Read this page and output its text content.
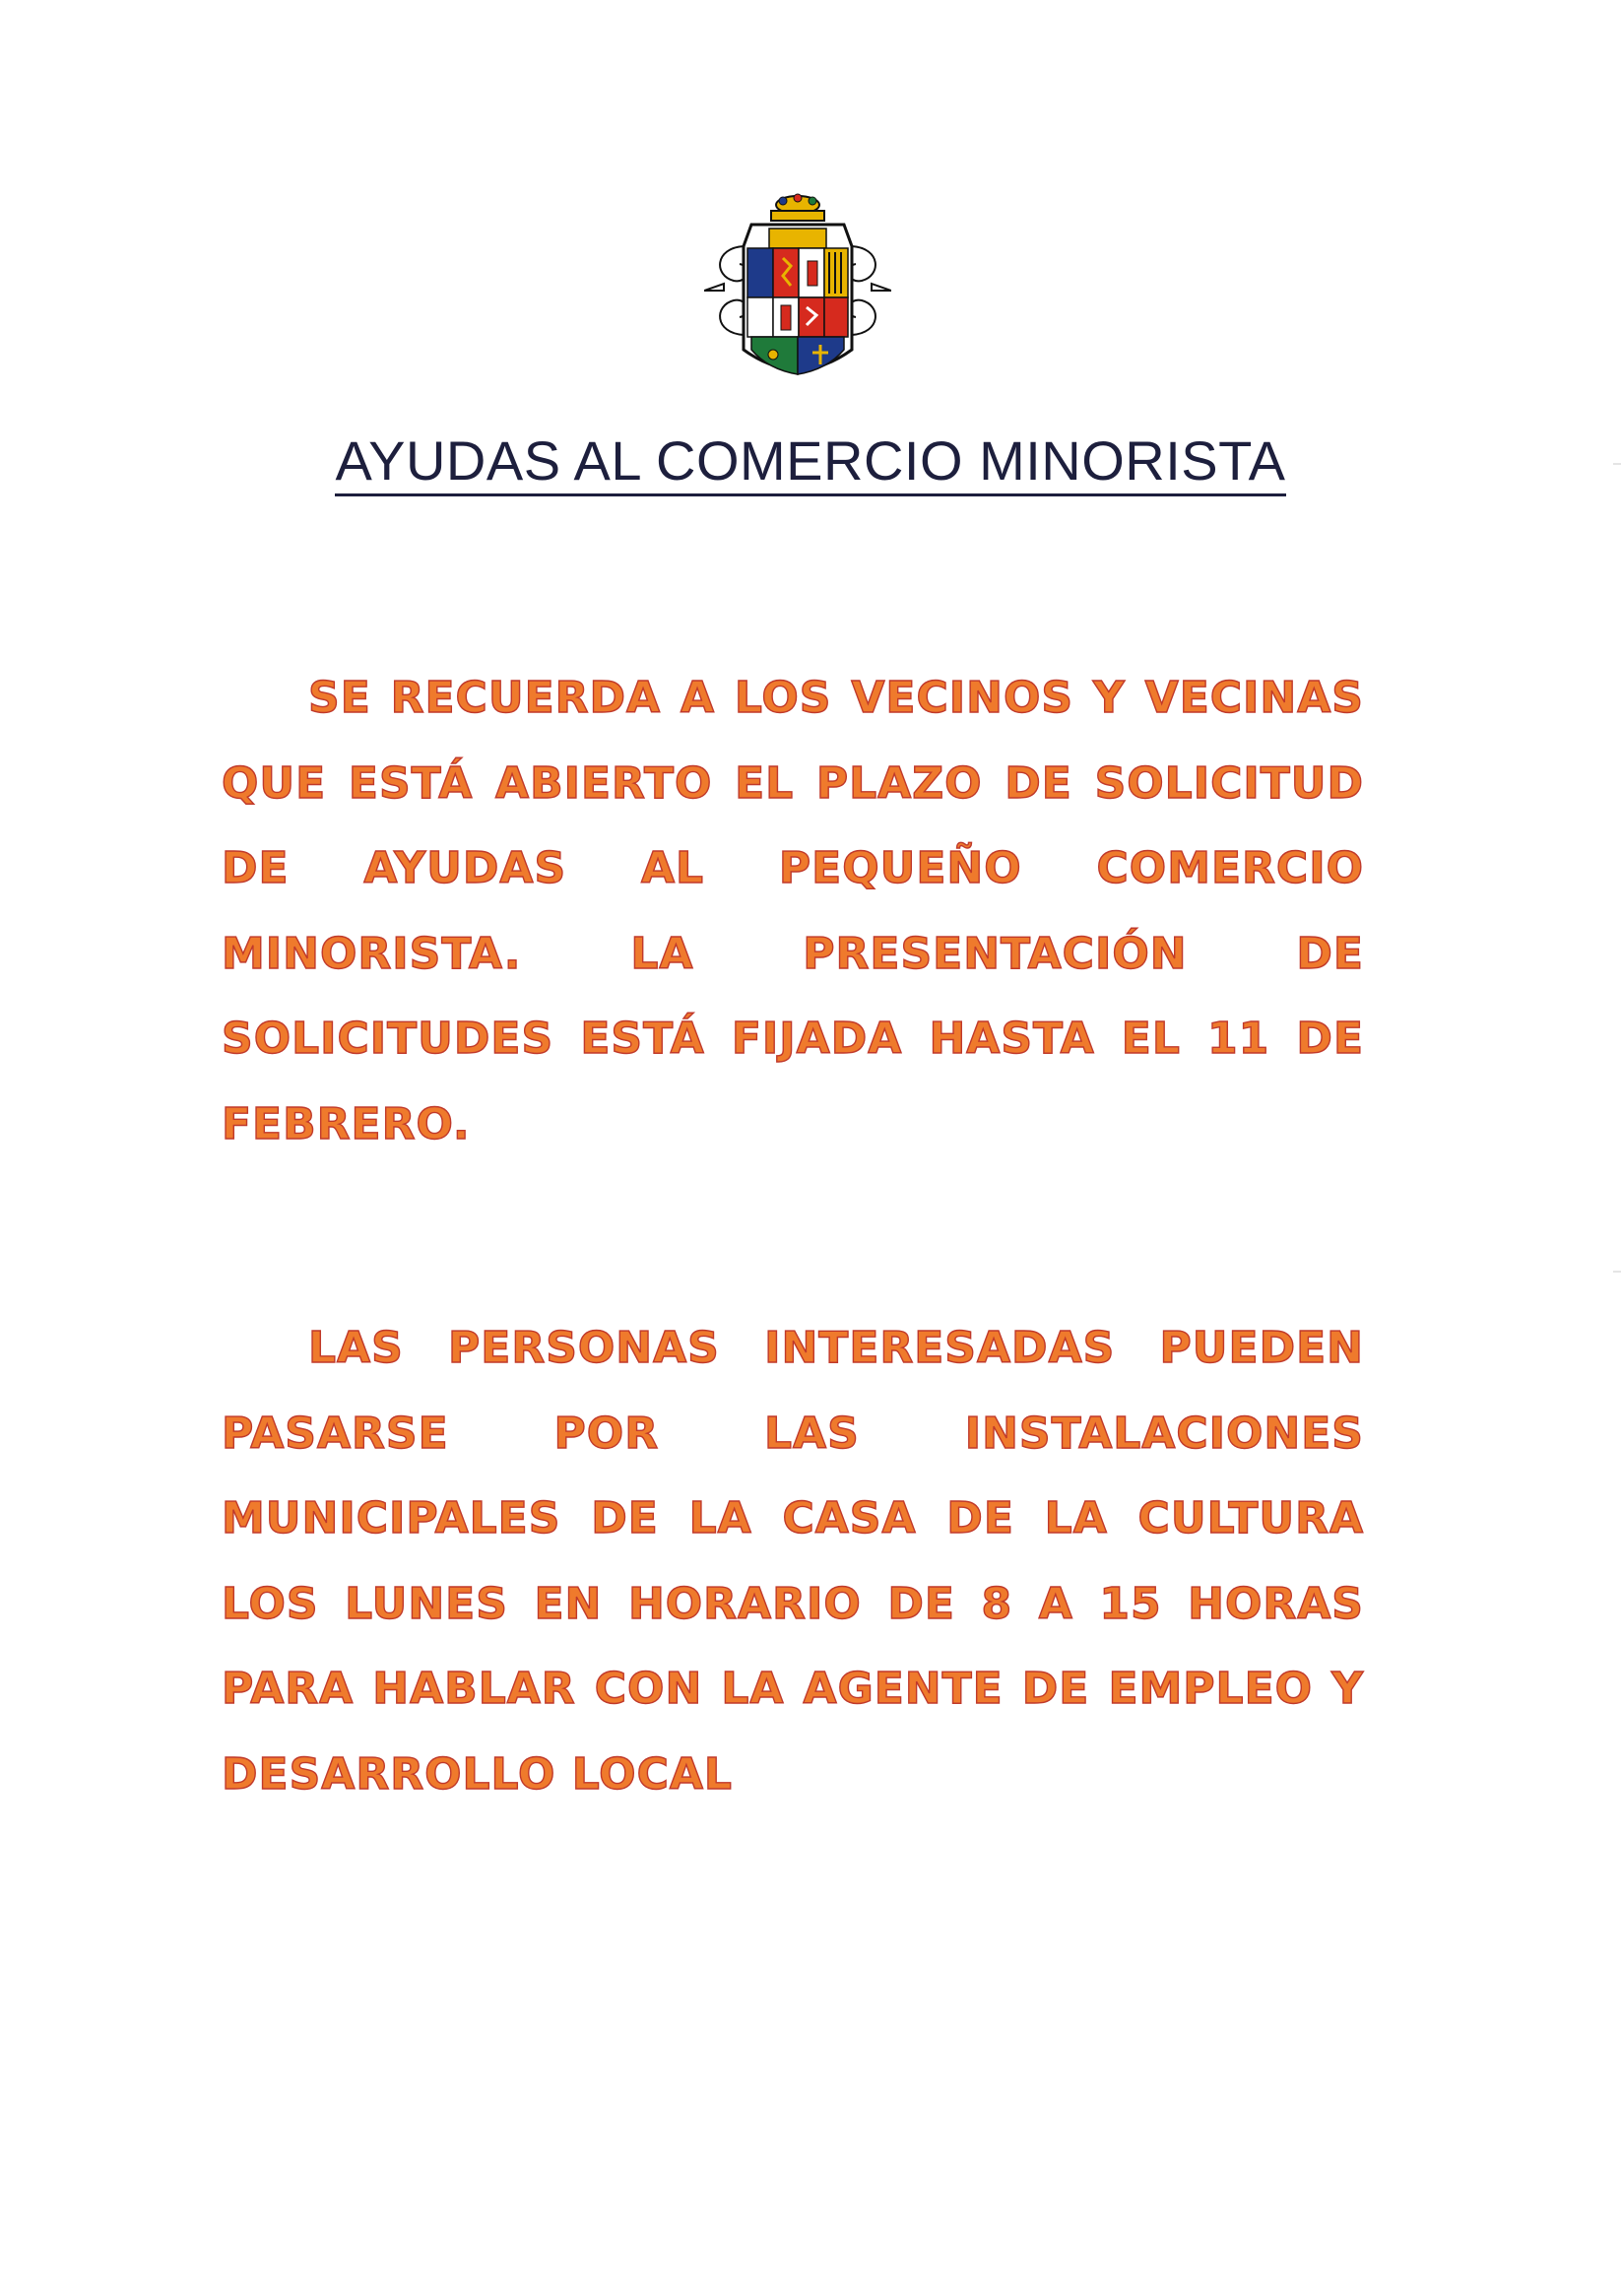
AYUDAS AL COMERCIO MINORISTA

SE RECUERDA A LOS VECINOS Y VECINAS QUE ESTÁ ABIERTO EL PLAZO DE SOLICITUD DE AYUDAS AL PEQUEÑO COMERCIO MINORISTA. LA PRESENTACIÓN DE SOLICITUDES ESTÁ FIJADA HASTA EL 11 DE FEBRERO.

LAS PERSONAS INTERESADAS PUEDEN PASARSE POR LAS INSTALACIONES MUNICIPALES DE LA CASA DE LA CULTURA LOS LUNES EN HORARIO DE 8 A 15 HORAS PARA HABLAR CON LA AGENTE DE EMPLEO Y DESARROLLO LOCAL
